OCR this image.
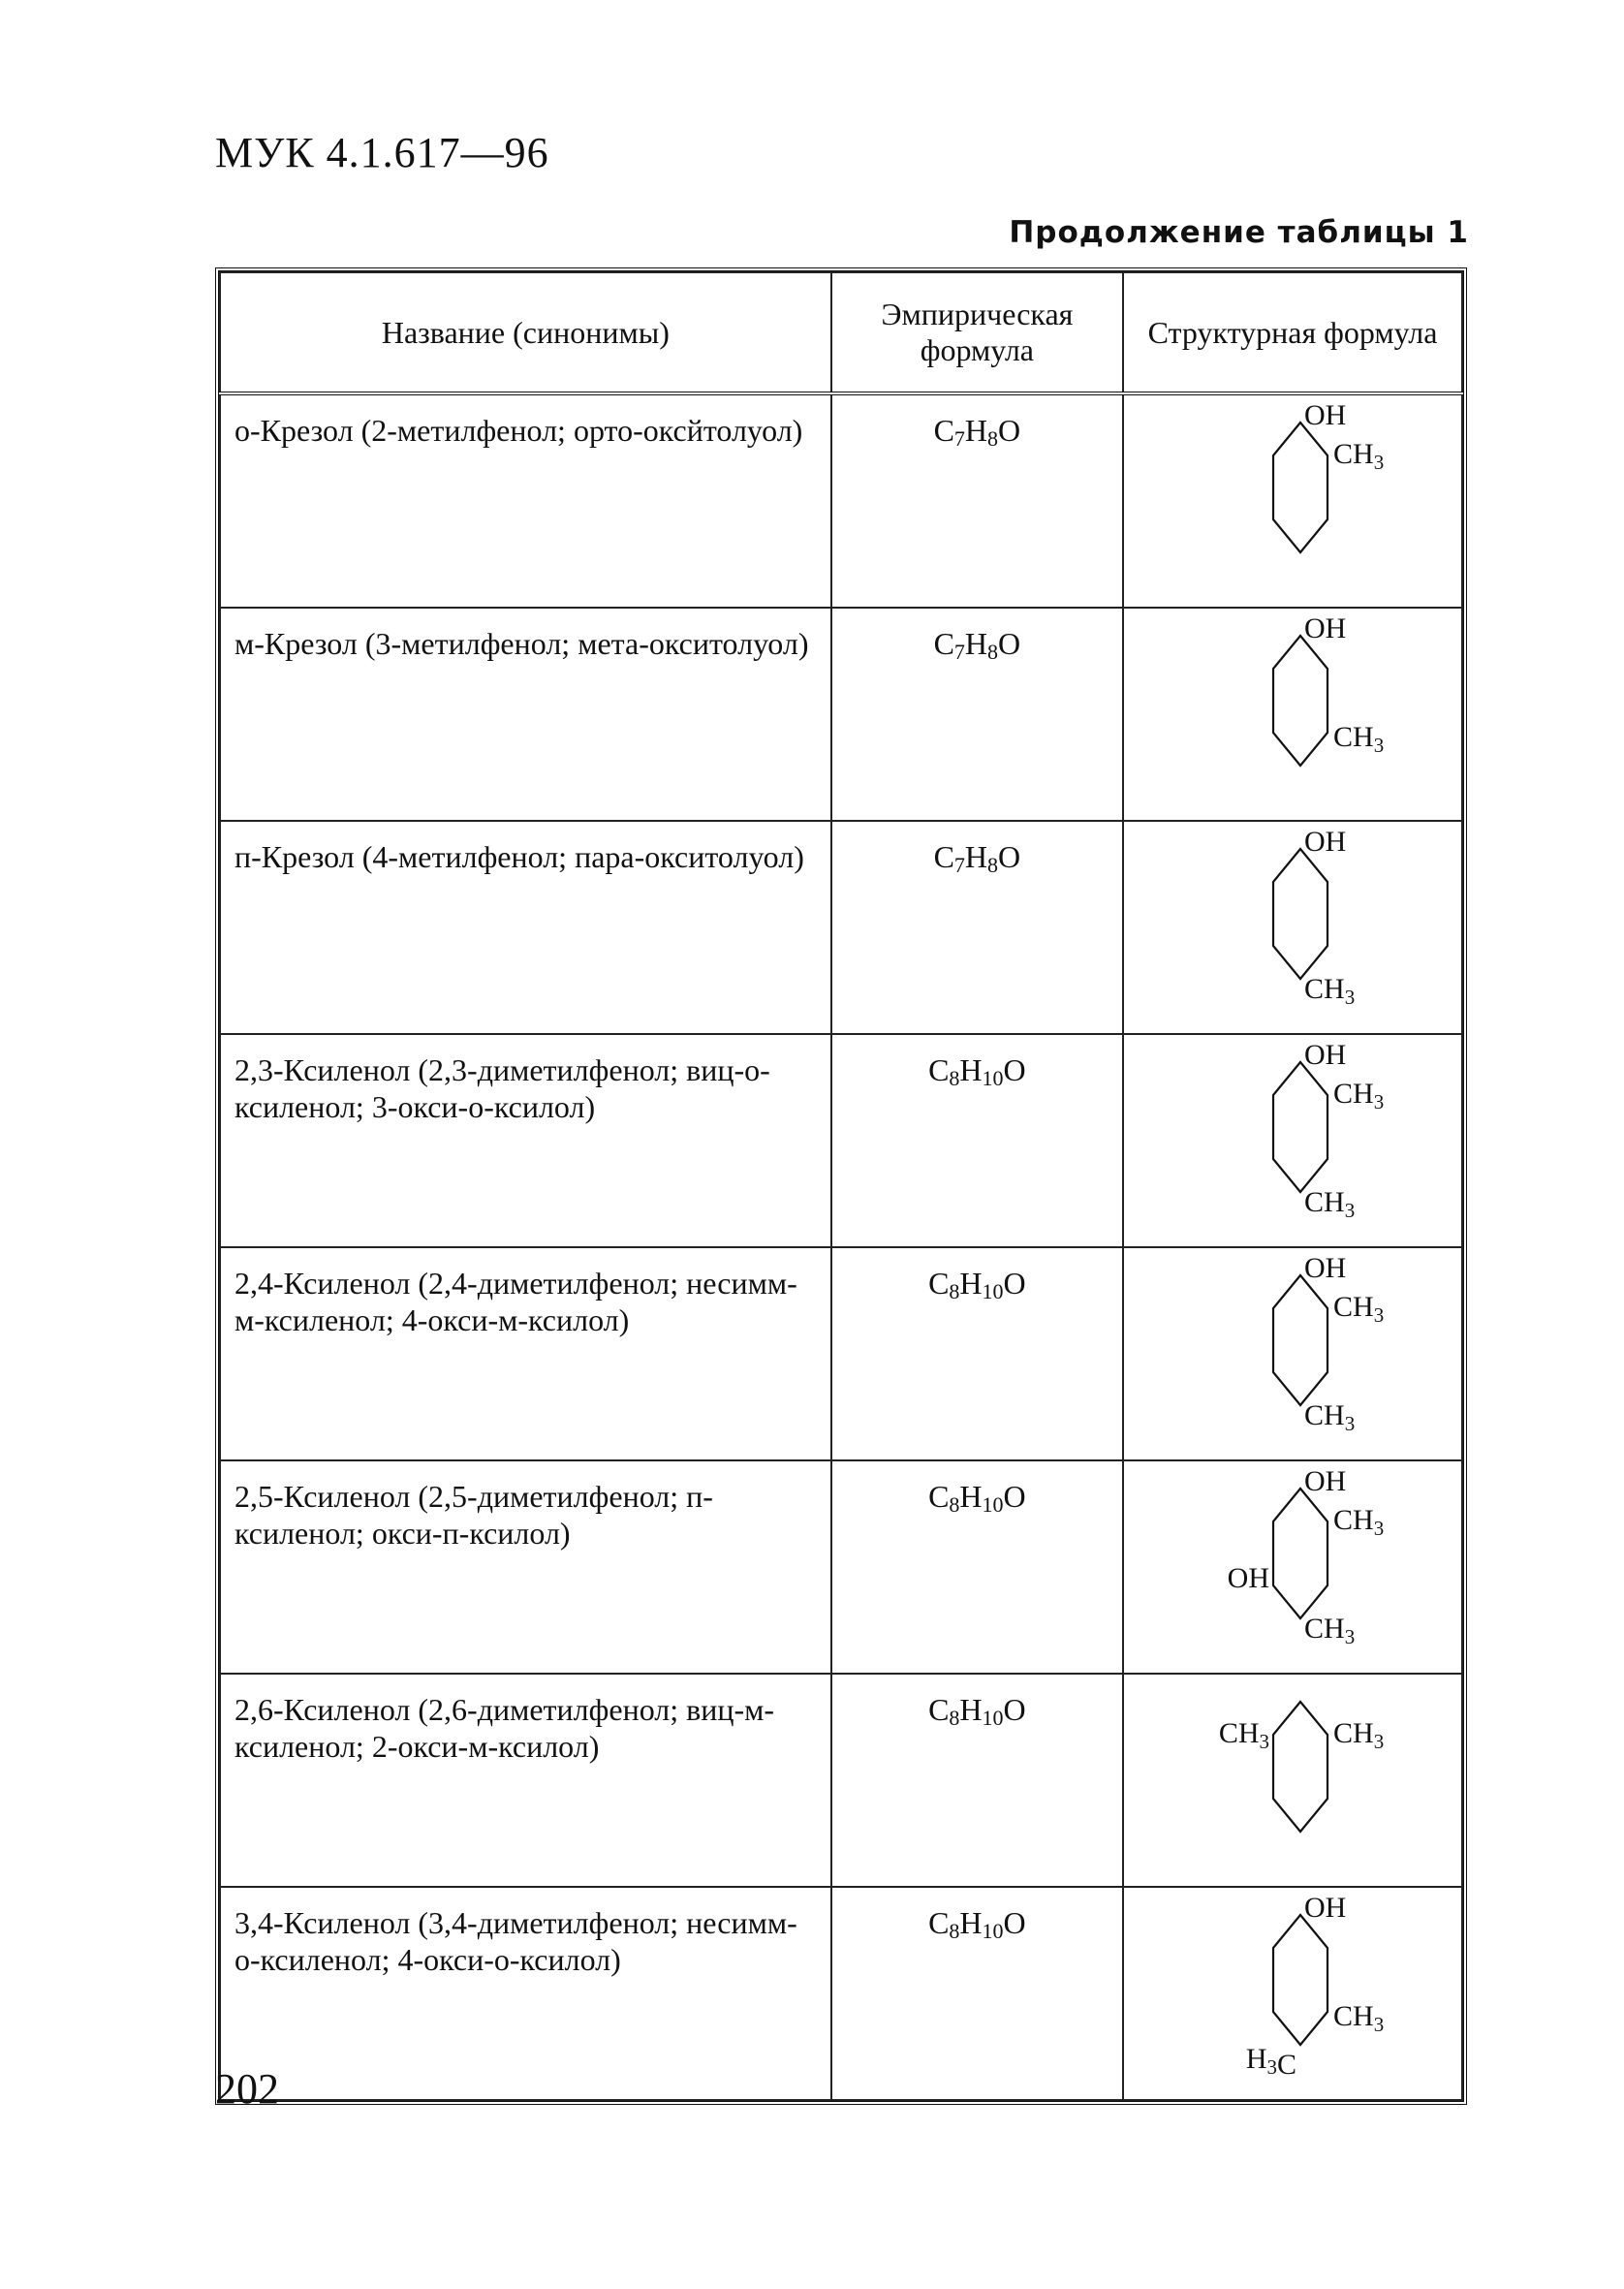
МУК 4.1.617—96
Продолжение таблицы 1
Название (синонимы)	Эмпирическая формула	Структурная формула
о-Крезол (2-метилфенол; орто-оксйтолуол)	$C_7H_8O$	OH
$CH_3$

м-Крезол (3-метилфенол; мета-окситолуол)	$C_7H_8O$	OH
$CH_3$

п-Крезол (4-метилфенол; пара-окситолуол)	$C_7H_8O$	OH
$CH_3$

2,3-Ксиленол (2,3-диметилфенол; виц-о-ксиленол; 3-окси-о-ксилол)	$C_8H_{10}O$	OH
$CH_3$
$CH_3$

2,4-Ксиленол (2,4-диметилфенол; несимм-м-ксиленол; 4-окси-м-ксилол)	$C_8H_{10}O$	OH
$CH_3$
$CH_3$

2,5-Ксиленол (2,5-диметилфенол; п-ксиленол; окси-п-ксилол)	$C_8H_{10}O$	OH
$CH_3$
OH
$CH_3$

2,6-Ксиленол (2,6-диметилфенол; виц-м-ксиленол; 2-окси-м-ксилол)	$C_8H_{10}O$	$CH_3$ $CH_3$

3,4-Ксиленол (3,4-диметилфенол; несимм-о-ксиленол; 4-окси-о-ксилол)	$C_8H_{10}O$	OH
$CH_3$
$H_3C$
202
